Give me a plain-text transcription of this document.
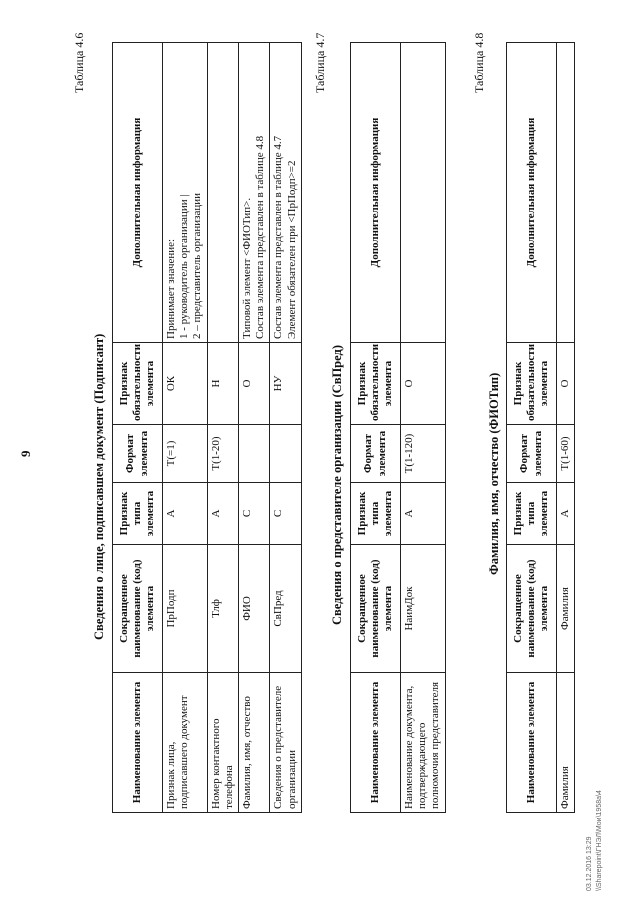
9
Таблица 4.6
Сведения о лице, подписавшем документ (Подписант)
Наименование элемента	Сокращенное наименование (код) элемента	Признак типа элемента	Формат элемента	Признак обязательности элемента	Дополнительная информация
Признак лица, подписавшего документ	ПрПодп	A	T(=1)	ОК	Принимает значение: 1 - руководитель организации | 2 – представитель организации

Номер контактного телефона	Тлф	A	T(1-20)	Н	
Фамилия, имя, отчество	ФИО	С		О	Типовой элемент <ФИОТип>. Состав элемента представлен в таблице 4.8

Сведения о представителе организации	СвПред	С		НУ	Состав элемента представлен в таблице 4.7 Элемент обязателен при <ПрПодп>=2
Таблица 4.7
Сведения о представителе организации (СвПред)
Наименование элемента	Сокращенное наименование (код) элемента	Признак типа элемента	Формат элемента	Признак обязательности элемента	Дополнительная информация
Наименование документа, подтверждающего полномочия представителя	НаимДок	A	T(1-120)	О	
Таблица 4.8
Фамилия, имя, отчество (ФИОТип)
Наименование элемента	Сокращенное наименование (код) элемента	Признак типа элемента	Формат элемента	Признак обязательности элемента	Дополнительная информация
Фамилия	Фамилия	A	T(1-60)	О	
03.12.2016 13:29 \\Sharepoint\ГНЭЛ\Мои\1958а\4
